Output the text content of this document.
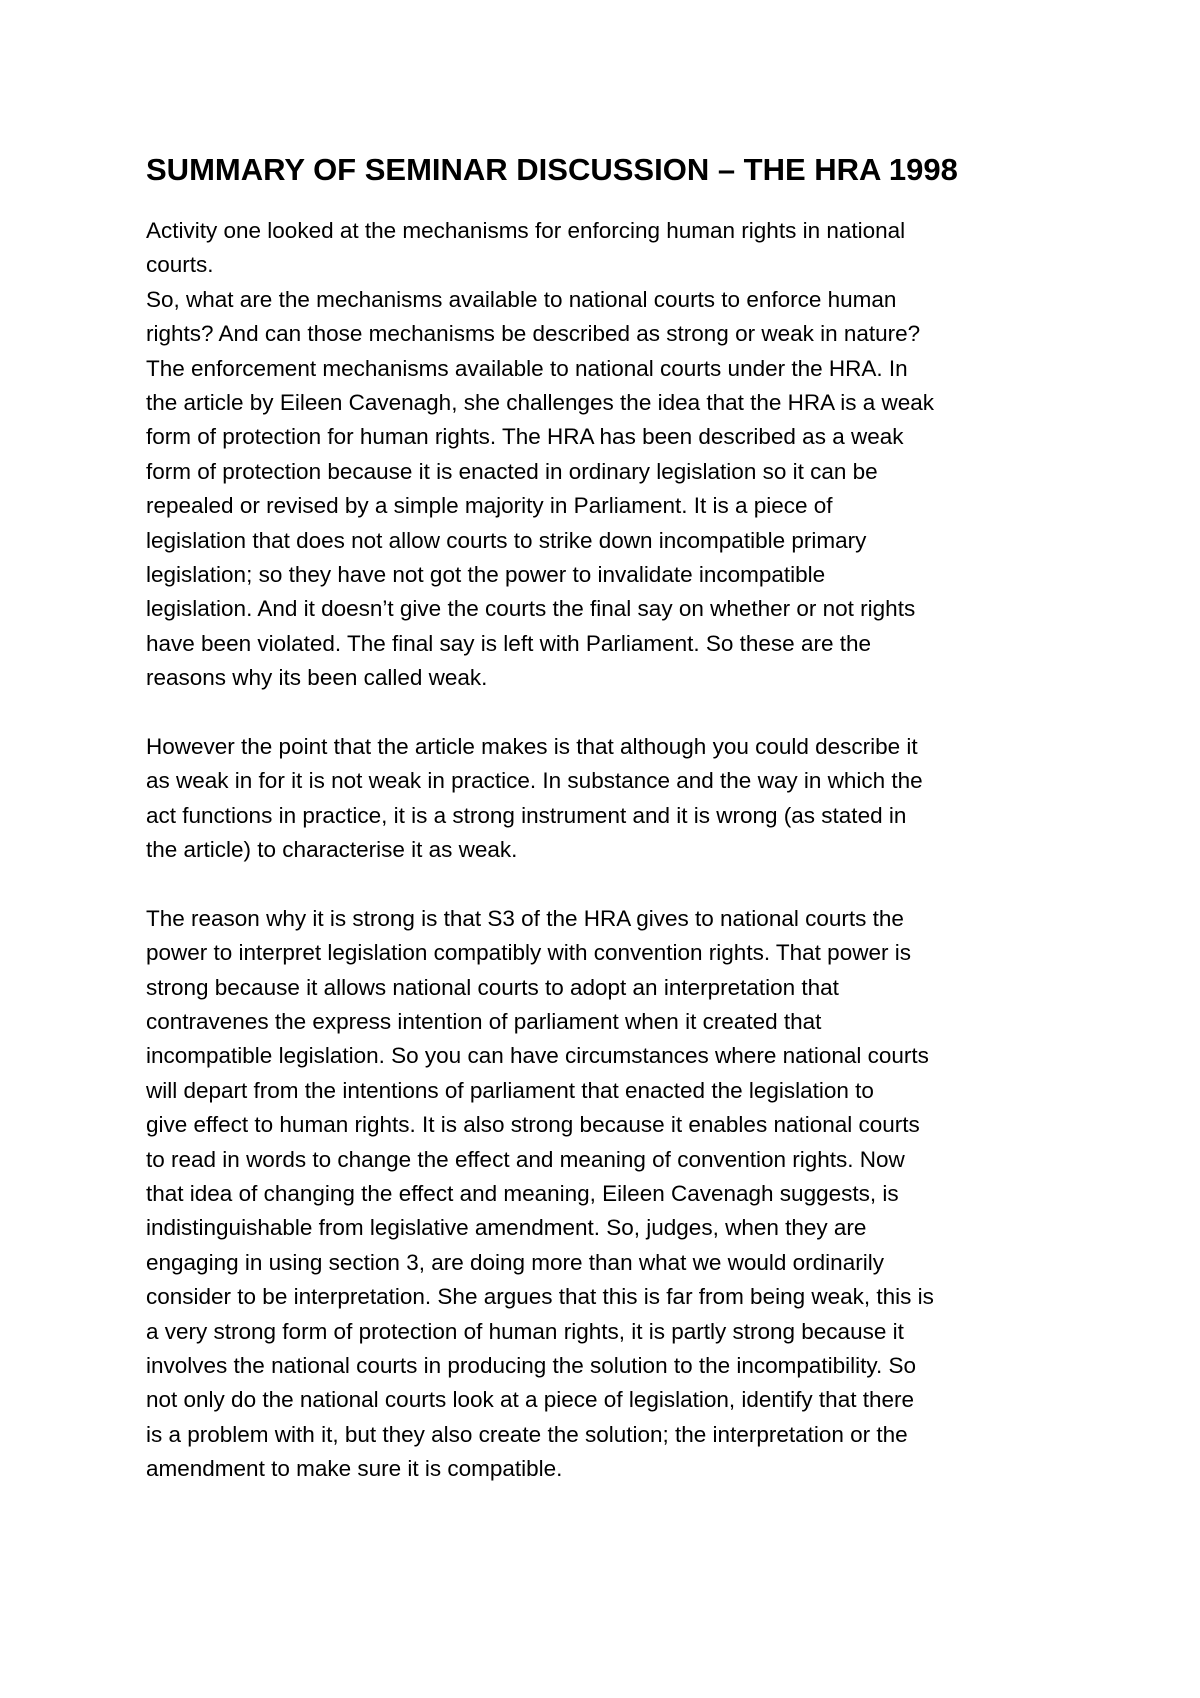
SUMMARY OF SEMINAR DISCUSSION – THE HRA 1998
Activity one looked at the mechanisms for enforcing human rights in national
courts.
So, what are the mechanisms available to national courts to enforce human
rights? And can those mechanisms be described as strong or weak in nature?
The enforcement mechanisms available to national courts under the HRA. In
the article by Eileen Cavenagh, she challenges the idea that the HRA is a weak
form of protection for human rights. The HRA has been described as a weak
form of protection because it is enacted in ordinary legislation so it can be
repealed or revised by a simple majority in Parliament. It is a piece of
legislation that does not allow courts to strike down incompatible primary
legislation; so they have not got the power to invalidate incompatible
legislation. And it doesn’t give the courts the final say on whether or not rights
have been violated. The final say is left with Parliament. So these are the
reasons why its been called weak.
However the point that the article makes is that although you could describe it
as weak in for it is not weak in practice. In substance and the way in which the
act functions in practice, it is a strong instrument and it is wrong (as stated in
the article) to characterise it as weak.
The reason why it is strong is that S3 of the HRA gives to national courts the
power to interpret legislation compatibly with convention rights. That power is
strong because it allows national courts to adopt an interpretation that
contravenes the express intention of parliament when it created that
incompatible legislation. So you can have circumstances where national courts
will depart from the intentions of parliament that enacted the legislation to
give effect to human rights. It is also strong because it enables national courts
to read in words to change the effect and meaning of convention rights. Now
that idea of changing the effect and meaning, Eileen Cavenagh suggests, is
indistinguishable from legislative amendment. So, judges, when they are
engaging in using section 3, are doing more than what we would ordinarily
consider to be interpretation. She argues that this is far from being weak, this is
a very strong form of protection of human rights, it is partly strong because it
involves the national courts in producing the solution to the incompatibility. So
not only do the national courts look at a piece of legislation, identify that there
is a problem with it, but they also create the solution; the interpretation or the
amendment to make sure it is compatible.
